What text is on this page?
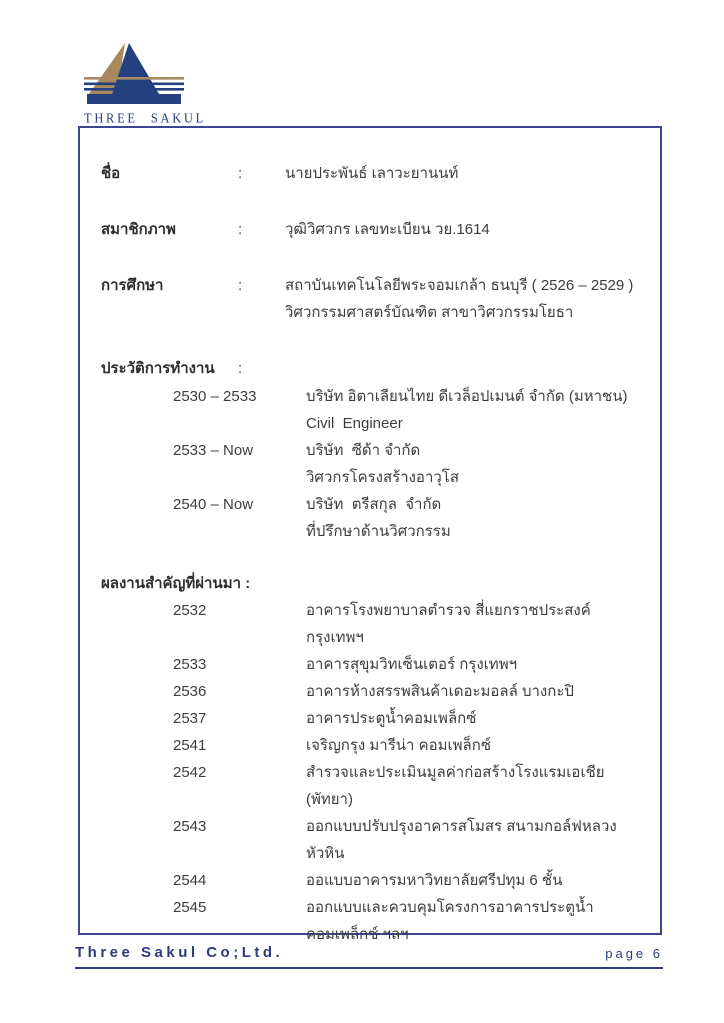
THREE SAKUL
ชื่อ	:	นายประพันธ์ เลาวะยานนท์
สมาชิกภาพ	:	วุฒิวิศวกร เลขทะเบียน วย.1614
การศึกษา	:	สถาบันเทคโนโลยีพระจอมเกล้า ธนบุรี ( 2526 – 2529 )
วิศวกรรมศาสตร์บัณฑิต สาขาวิศวกรรมโยธา
ประวัติการทำงาน	:
2530 – 2533	บริษัท อิตาเลียนไทย ดีเวล็อปเมนต์ จำกัด (มหาชน)
Civil  Engineer
2533 – Now	บริษัท  ซีด้า จำกัด
วิศวกรโครงสร้างอาวุโส
2540 – Now	บริษัท  ตรีสกุล  จำกัด
ที่ปรึกษาด้านวิศวกรรม
ผลงานสำคัญที่ผ่านมา :
2532	อาคารโรงพยาบาลตำรวจ สี่แยกราชประสงค์ กรุงเทพฯ
2533	อาคารสุขุมวิทเซ็นเตอร์ กรุงเทพฯ
2536	อาคารห้างสรรพสินค้าเดอะมอลล์ บางกะปิ
2537	อาคารประตูน้ำคอมเพล็กซ์
2541	เจริญกรุง มารีน่า คอมเพล็กซ์
2542	สำรวจและประเมินมูลค่าก่อสร้างโรงแรมเอเชีย (พัทยา)
2543	ออกแบบปรับปรุงอาคารสโมสร สนามกอล์ฟหลวงหัวหิน
2544	ออแบบอาคารมหาวิทยาลัยศรีปทุม 6 ชั้น
2545	ออกแบบและควบคุมโครงการอาคารประตูน้ำคอมเพล็กซ์ ฯลฯ
Three Sakul Co;Ltd.	page 6
